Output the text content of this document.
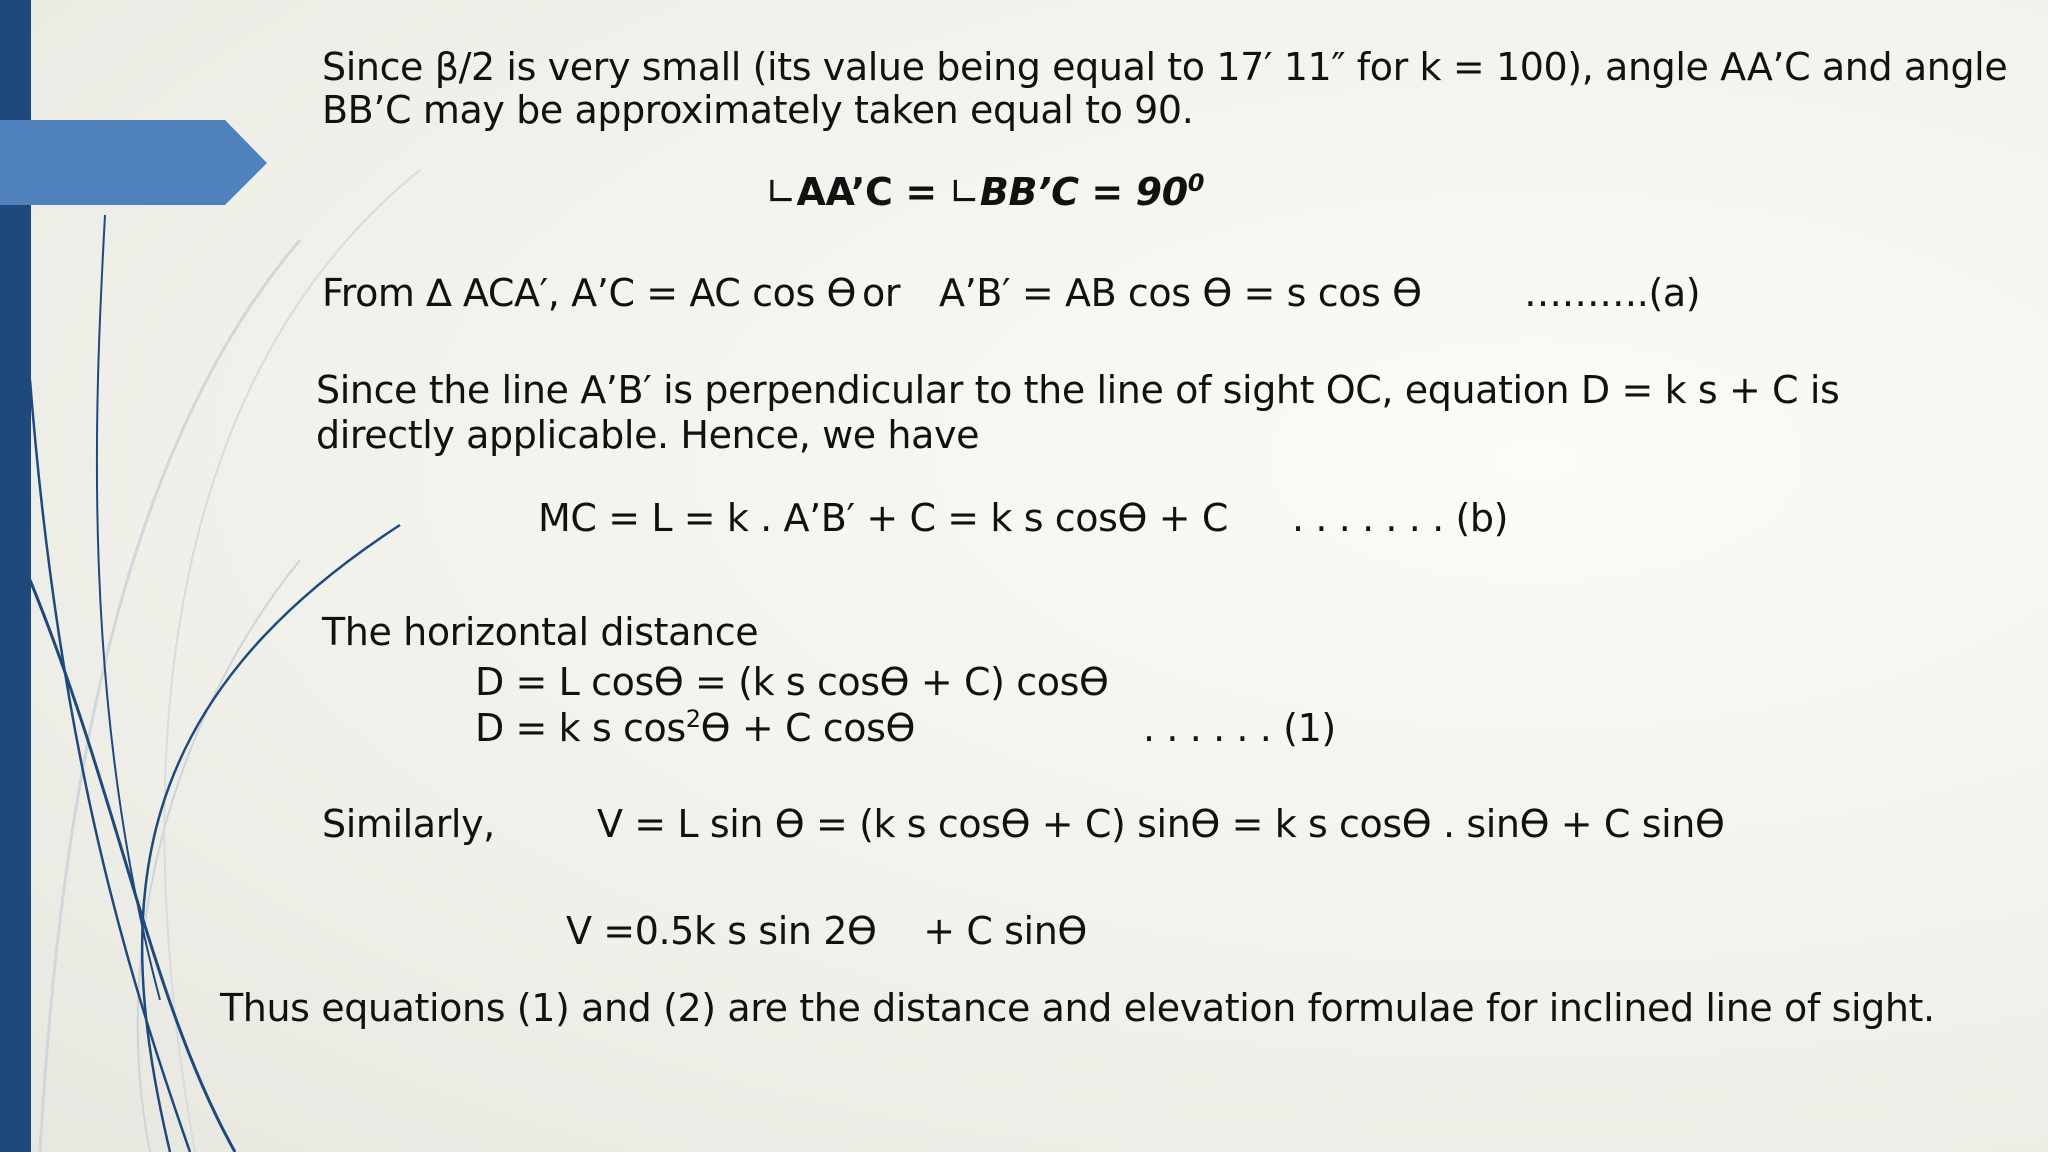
Since β/2 is very small (its value being equal to 17′ 11″ for k = 100), angle AA’C and angle

BB’C may be approximately taken equal to 90.

∟AA’C = ∟BB’C = $90^0$

From ∆ ACA′, A’C = AC cos ϴ or A’B′ = AB cos ϴ = s cos ϴ	……….(a)

Since the line A’B′ is perpendicular to the line of sight OC, equation D = k s + C is

directly applicable. Hence, we have

MC = L = k . A’B′ + C = k s cosϴ + C . . . . . . . (b)

The horizontal distance

D = L cosϴ = (k s cosϴ + C) cosϴ

D = k s $\cos^2ϴ + C$ cosϴ	. . . . . . (1)

Similarly,	V = L sin ϴ = (k s cosϴ + C) sinϴ = k s cosϴ . sinϴ + C sinϴ

V =0.5k s sin 2ϴ    + C sinϴ

Thus equations (1) and (2) are the distance and elevation formulae for inclined line of sight.
